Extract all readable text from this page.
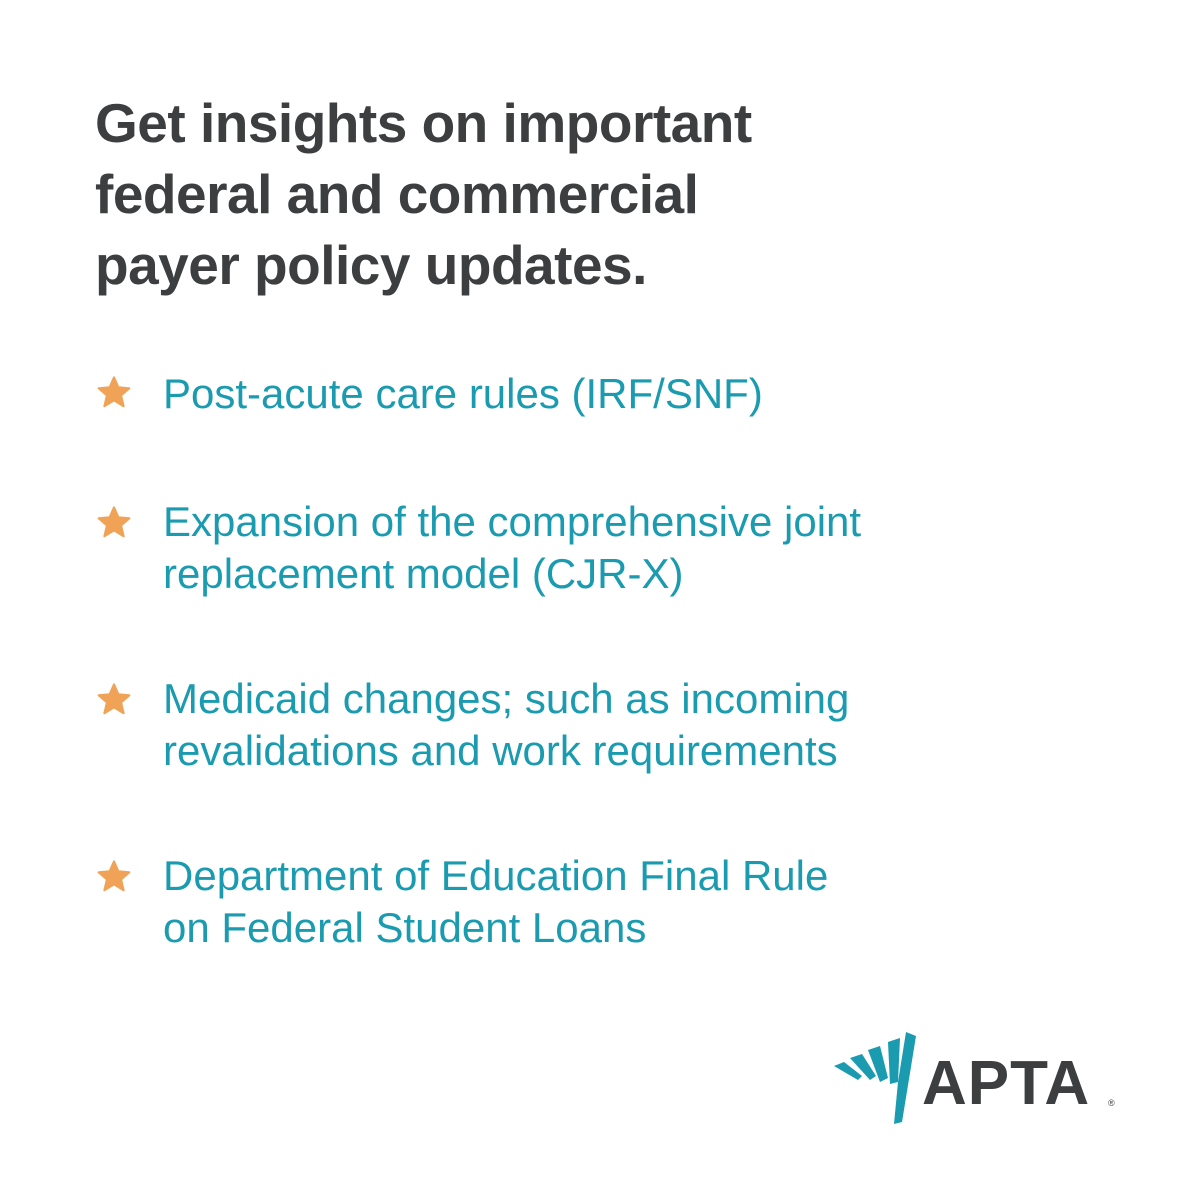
Get insights on important
federal and commercial
payer policy updates.
Post-acute care rules (IRF/SNF)
Expansion of the comprehensive joint
replacement model (CJR-X)
Medicaid changes; such as incoming
revalidations and work requirements
Department of Education Final Rule
on Federal Student Loans
APTA ®
